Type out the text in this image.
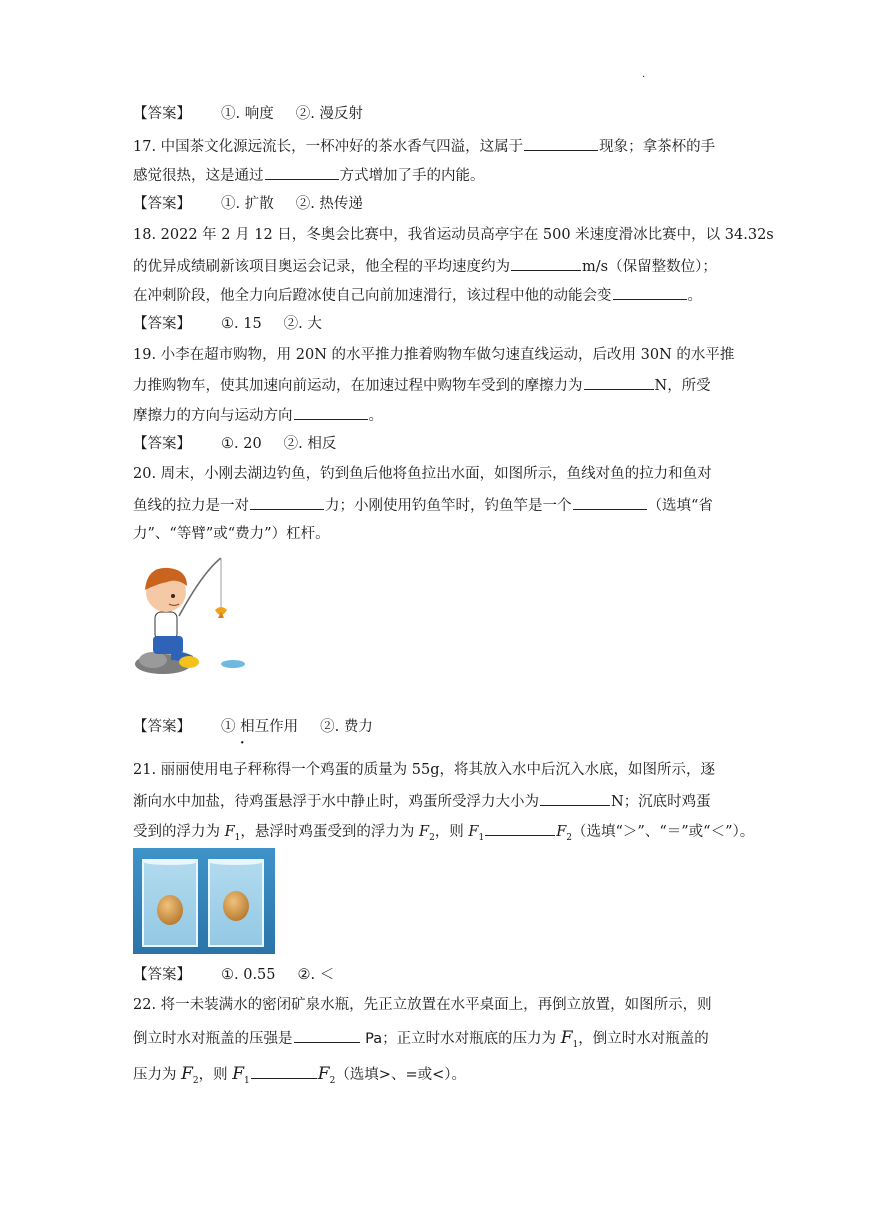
·
【答案】 ①. 响度 ②. 漫反射
17. 中国茶文化源远流长，一杯冲好的茶水香气四溢，这属于	现象；拿茶杯的手
感觉很热，这是通过	方式增加了手的内能。
【答案】 ①. 扩散 ②. 热传递
18. 2022 年 2 月 12 日，冬奥会比赛中，我省运动员高亭宇在 500 米速度滑冰比赛中，以 34.32s
的优异成绩刷新该项目奥运会记录，他全程的平均速度约为	m/s（保留整数位）；
在冲刺阶段，他全力向后蹬冰使自己向前加速滑行，该过程中他的动能会变	。
【答案】 ①. 15 ②. 大
19. 小李在超市购物，用 20N 的水平推力推着购物车做匀速直线运动，后改用 30N 的水平推
力推购物车，使其加速向前运动，在加速过程中购物车受到的摩擦力为	N，所受
摩擦力的方向与运动方向	。
【答案】 ①. 20 ②. 相反
20. 周末，小刚去湖边钓鱼，钓到鱼后他将鱼拉出水面，如图所示，鱼线对鱼的拉力和鱼对
鱼线的拉力是一对	力；小刚使用钓鱼竿时，钓鱼竿是一个	（选填“省
力”、“等臂”或“费力”）杠杆。
【答案】 ① 相互作用 ②. 费力
·
21. 丽丽使用电子秤称得一个鸡蛋的质量为 55g，将其放入水中后沉入水底，如图所示，逐
渐向水中加盐，待鸡蛋悬浮于水中静止时，鸡蛋所受浮力大小为	N；沉底时鸡蛋
受到的浮力为 $F_1$，悬浮时鸡蛋受到的浮力为 $F_2$，则 $F_1$	$F_2$（选填“＞”、“＝”或“＜”）。
【答案】 ①. 0.55 ②. ＜
22. 将一未装满水的密闭矿泉水瓶，先正立放置在水平桌面上，再倒立放置，如图所示，则
倒立时水对瓶盖的压强是	Pa；正立时水对瓶底的压力为 $F_1$，倒立时水对瓶盖的
压力为 $F_2$，则 $F_1$	$F_2$（选填>、=或<）。
